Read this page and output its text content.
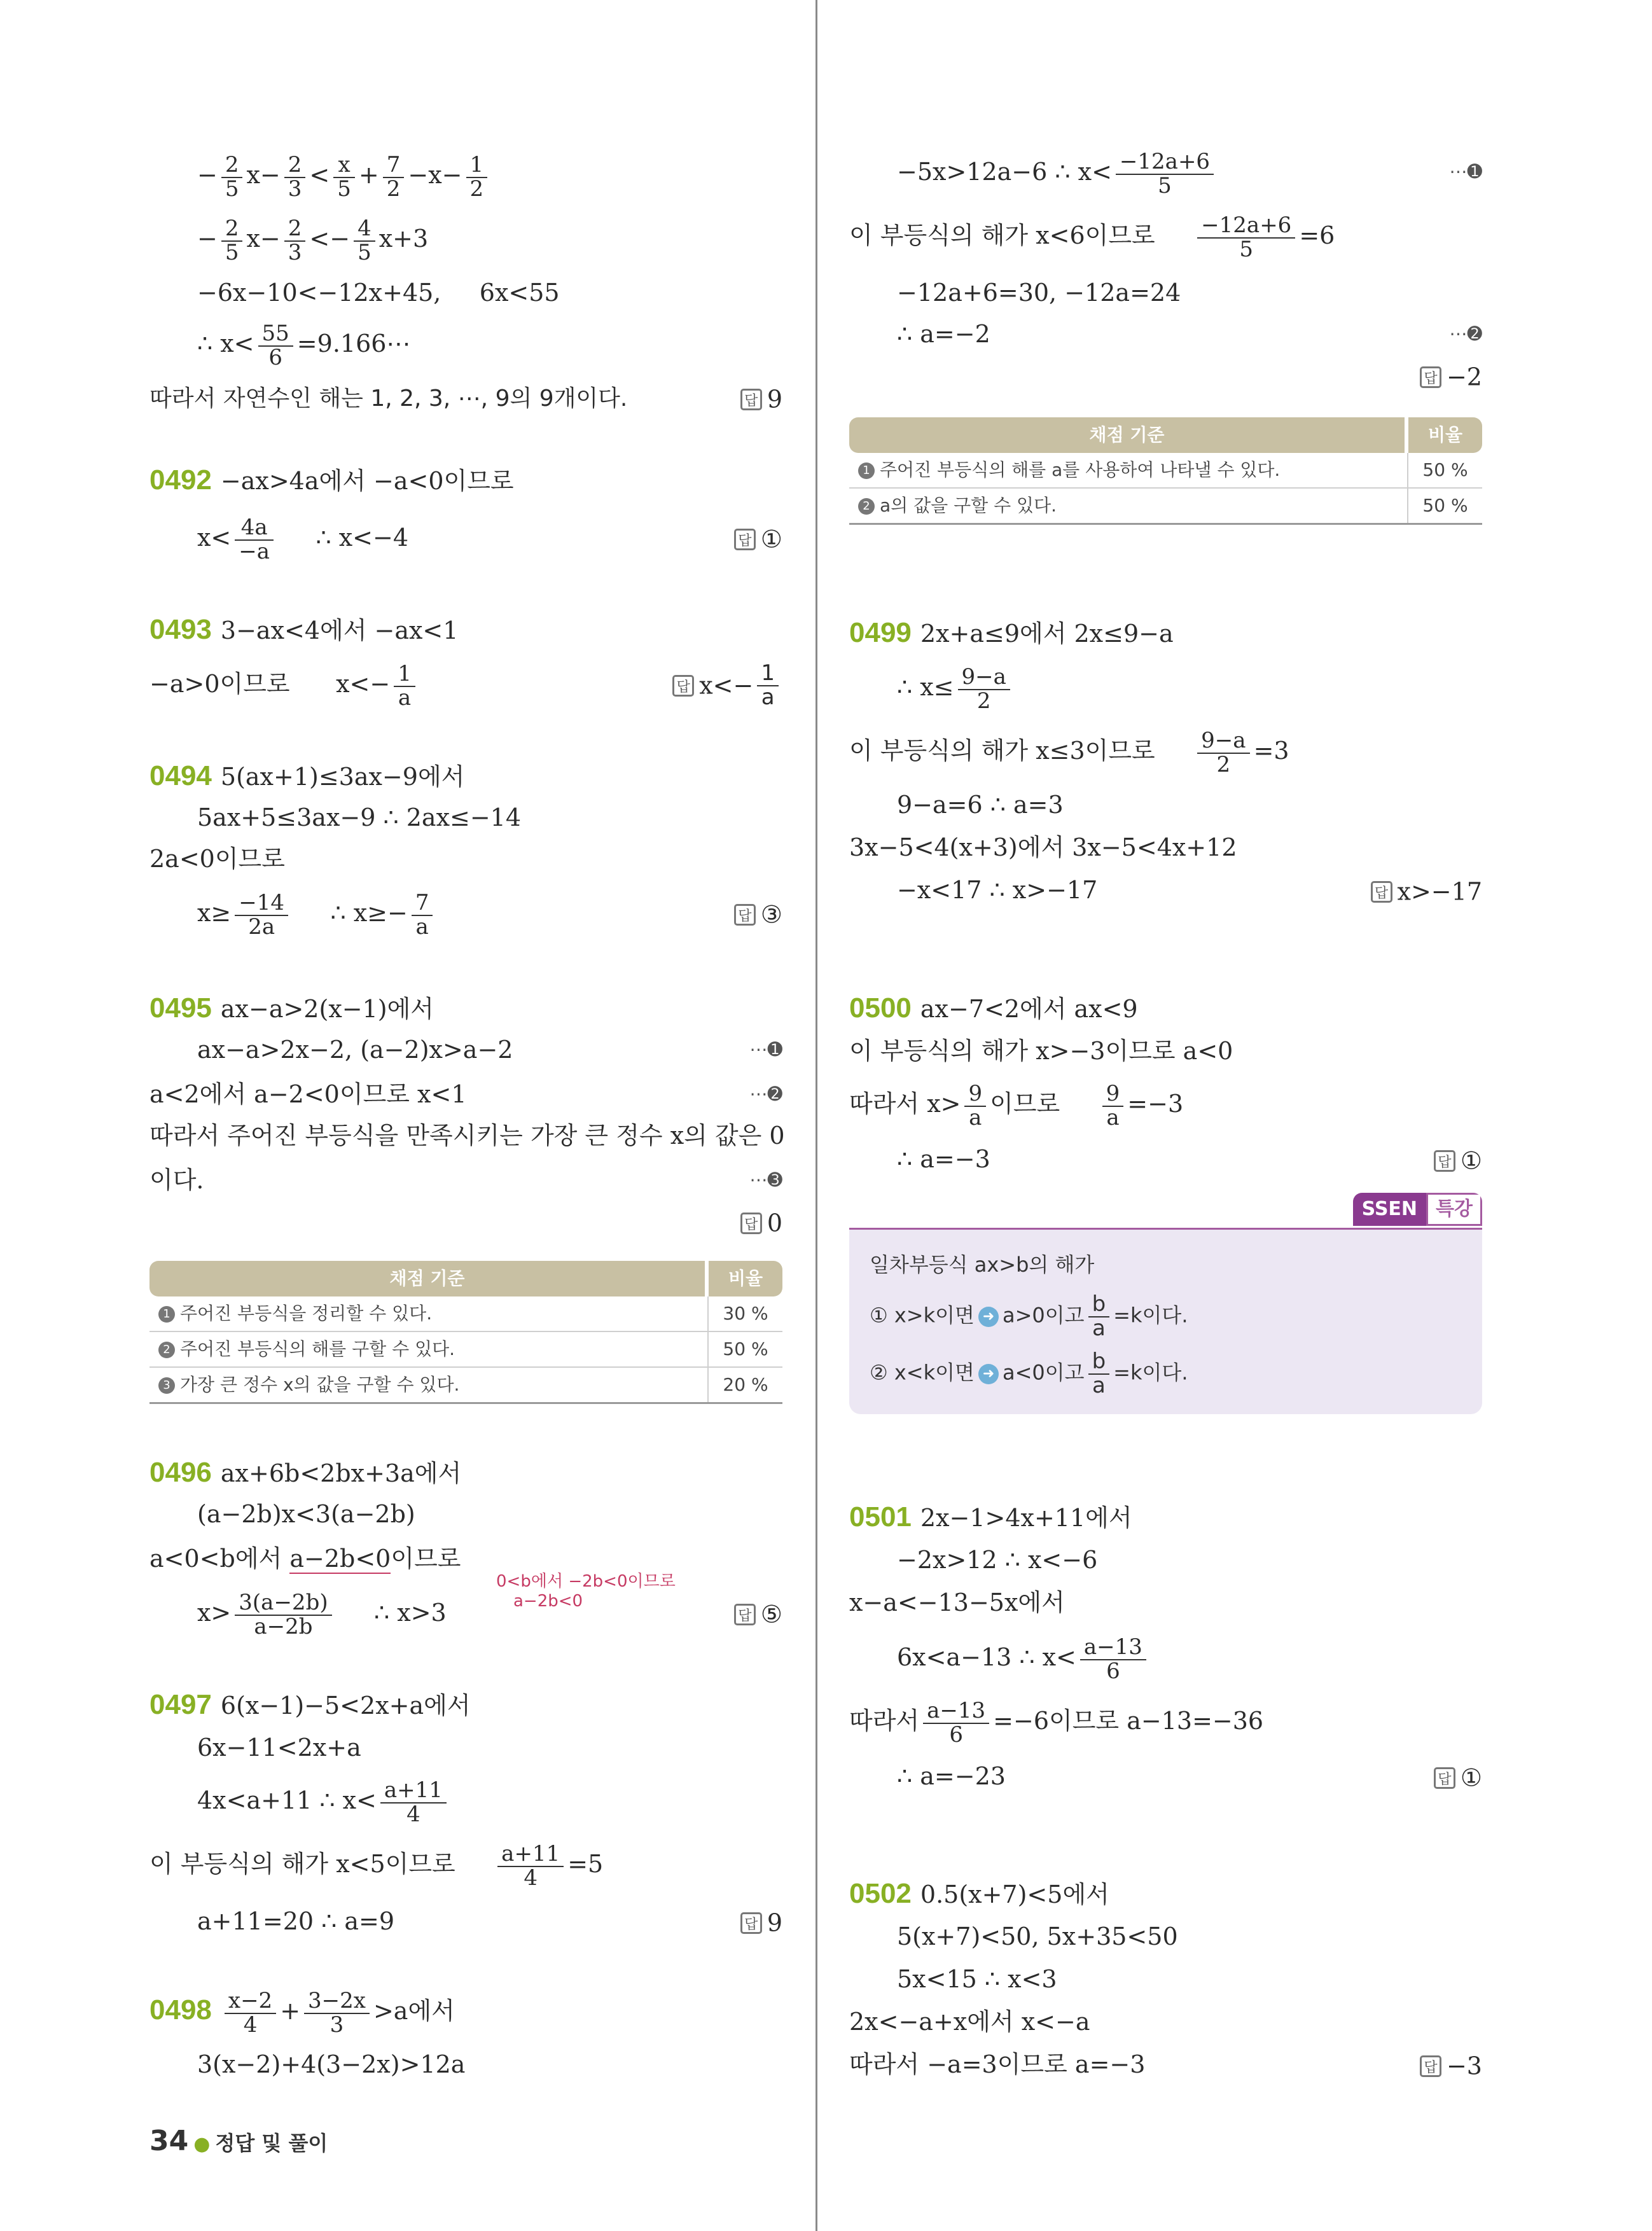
− $\frac{2}{5} x- \frac{2}{3} < \frac{x}{5} + \frac{7}{2} -x- \frac{1}{2}$
− $\frac{2}{5} x- \frac{2}{3} <- \frac{4}{5} x+3$
−6x−10<−12x+45, 6x<55
∴ $x< \frac{55}{6}$ =9.166⋯
따라서 자연수인 해는 1, 2, 3, ⋯, 9의 9개이다.	답 9
0492 −ax>4a에서 −a<0이므로
$x< \frac{4a}{-a}$ ∴ x<−4	답 ①
0493 3−ax<4에서 −ax<1
−a>0이므로 $x<- \frac{1}{a}$	답 $x<- \frac{1}{a}$
0494 5(ax+1)≤3ax−9에서
5ax+5≤3ax−9 ∴ 2ax≤−14
2a<0이므로
$x\ge \frac{-14}{2a}$ ∴ $x\ge- \frac{7}{a}$	답 ③
0495 ax−a>2(x−1)에서
ax−a>2x−2, (a−2)x>a−2	⋯➊
a<2에서 a−2<0이므로 x<1	⋯➋
따라서 주어진 부등식을 만족시키는 가장 큰 정수 x의 값은 0
이다.	⋯➌
답 0
채점 기준	비율
1 주어진 부등식을 정리할 수 있다.	30 %
2 주어진 부등식의 해를 구할 수 있다.	50 %
3 가장 큰 정수 x의 값을 구할 수 있다.	20 %
0496 ax+6b<2bx+3a에서
(a−2b)x<3(a−2b)
a<0<b에서 a−2b<0이므로
0<b에서 −2b<0이므로
a−2b<0
$x> \frac{3(a-2b)}{a-2b}$ ∴ x>3	답 ⑤
0497 6(x−1)−5<2x+a에서
6x−11<2x+a
4x<a+11 ∴ $x< \frac{a+11}{4}$
이 부등식의 해가 x<5이므로 $\frac{a+11}{4} =5$
a+11=20 ∴ a=9	답 9
$0498 \frac{x-2}{4} + \frac{3-2x}{3} >a$에서
3(x−2)+4(3−2x)>12a
−5x>12a−6 ∴ $x< \frac{-12a+6}{5}$	⋯➊
이 부등식의 해가 x<6이므로 $\frac{-12a+6}{5} =6$
−12a+6=30, −12a=24
∴ a=−2	⋯➋
답 −2
채점 기준	비율
1 주어진 부등식의 해를 a를 사용하여 나타낼 수 있다.	50 %
2 a의 값을 구할 수 있다.	50 %
0499 2x+a≤9에서 2x≤9−a
∴ $x\le \frac{9-a}{2}$
이 부등식의 해가 x≤3이므로 $\frac{9-a}{2} =3$
9−a=6 ∴ a=3
3x−5<4(x+3)에서 3x−5<4x+12
−x<17 ∴ x>−17	답 x>−17
0500 ax−7<2에서 ax<9
이 부등식의 해가 x>−3이므로 a<0
따라서 $x> \frac{9}{a}$ 이므로 $\frac{9}{a} =-3$
∴ a=−3	답 ①
SSEN 특강
일차부등식 ax>b의 해가
① x>k이면 ➜ a>0이고 $\frac{b}{a} =k$이다.
② x<k이면 ➜ a<0이고 $\frac{b}{a} =k$이다.
0501 2x−1>4x+11에서
−2x>12 ∴ x<−6
x−a<−13−5x에서
6x<a−13 ∴ $x< \frac{a-13}{6}$
따라서 $\frac{a-13}{6} =-6$이므로 a−13=−36
∴ a=−23	답 ①
0502 0.5(x+7)<5에서
5(x+7)<50, 5x+35<50
5x<15 ∴ x<3
2x<−a+x에서 x<−a
따라서 −a=3이므로 a=−3	답 −3
34 ● 정답 및 풀이
